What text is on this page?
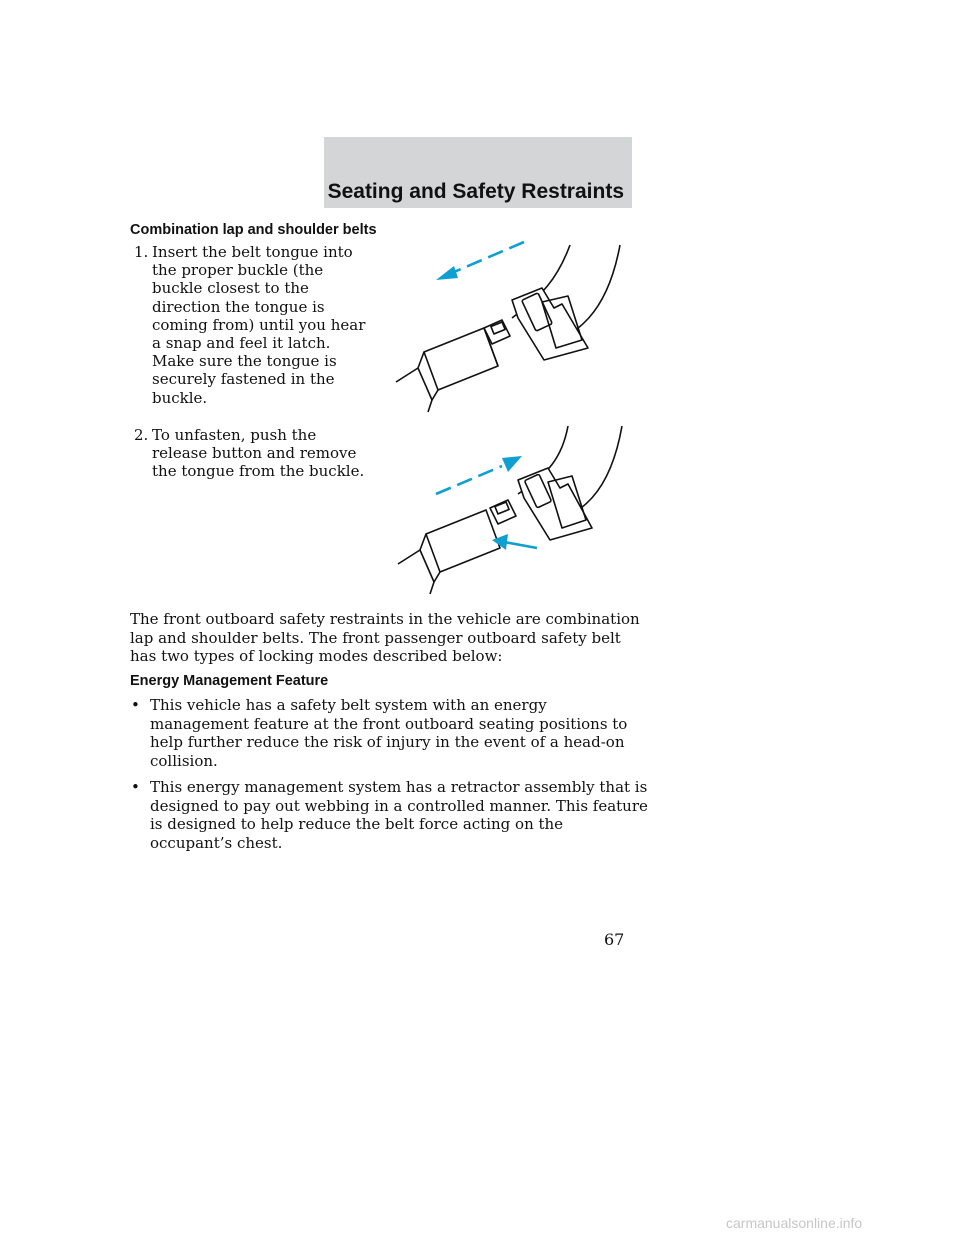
Seating and Safety Restraints
Combination lap and shoulder belts
1. Insert the belt tongue into the proper buckle (the buckle closest to the direction the tongue is coming from) until you hear a snap and feel it latch. Make sure the tongue is securely fastened in the buckle.
2. To unfasten, push the release button and remove the tongue from the buckle.
The front outboard safety restraints in the vehicle are combination lap and shoulder belts. The front passenger outboard safety belt has two types of locking modes described below:
Energy Management Feature
• This vehicle has a safety belt system with an energy management feature at the front outboard seating positions to help further reduce the risk of injury in the event of a head-on collision.
• This energy management system has a retractor assembly that is designed to pay out webbing in a controlled manner. This feature is designed to help reduce the belt force acting on the occupant’s chest.
67
carmanualsonline.info
